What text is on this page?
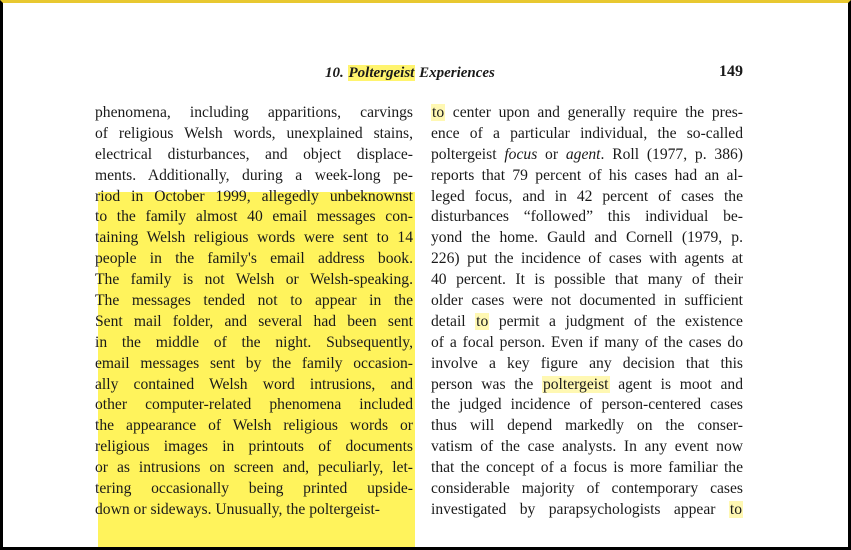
10. Poltergeist Experiences	149
phenomena, including apparitions, carvings
of religious Welsh words, unexplained stains,
electrical disturbances, and object displace-
ments. Additionally, during a week-long pe-
riod in October 1999, allegedly unbeknownst
to the family almost 40 email messages con-
taining Welsh religious words were sent to 14
people in the family's email address book.
The family is not Welsh or Welsh-speaking.
The messages tended not to appear in the
Sent mail folder, and several had been sent
in the middle of the night. Subsequently,
email messages sent by the family occasion-
ally contained Welsh word intrusions, and
other computer-related phenomena included
the appearance of Welsh religious words or
religious images in printouts of documents
or as intrusions on screen and, peculiarly, let-
tering occasionally being printed upside-
down or sideways. Unusually, the poltergeist-
to center upon and generally require the pres-
ence of a particular individual, the so-called
poltergeist focus or agent. Roll (1977, p. 386)
reports that 79 percent of his cases had an al-
leged focus, and in 42 percent of cases the
disturbances “followed” this individual be-
yond the home. Gauld and Cornell (1979, p.
226) put the incidence of cases with agents at
40 percent. It is possible that many of their
older cases were not documented in sufficient
detail to permit a judgment of the existence
of a focal person. Even if many of the cases do
involve a key figure any decision that this
person was the poltergeist agent is moot and
the judged incidence of person-centered cases
thus will depend markedly on the conser-
vatism of the case analysts. In any event now
that the concept of a focus is more familiar the
considerable majority of contemporary cases
investigated by parapsychologists appear to
